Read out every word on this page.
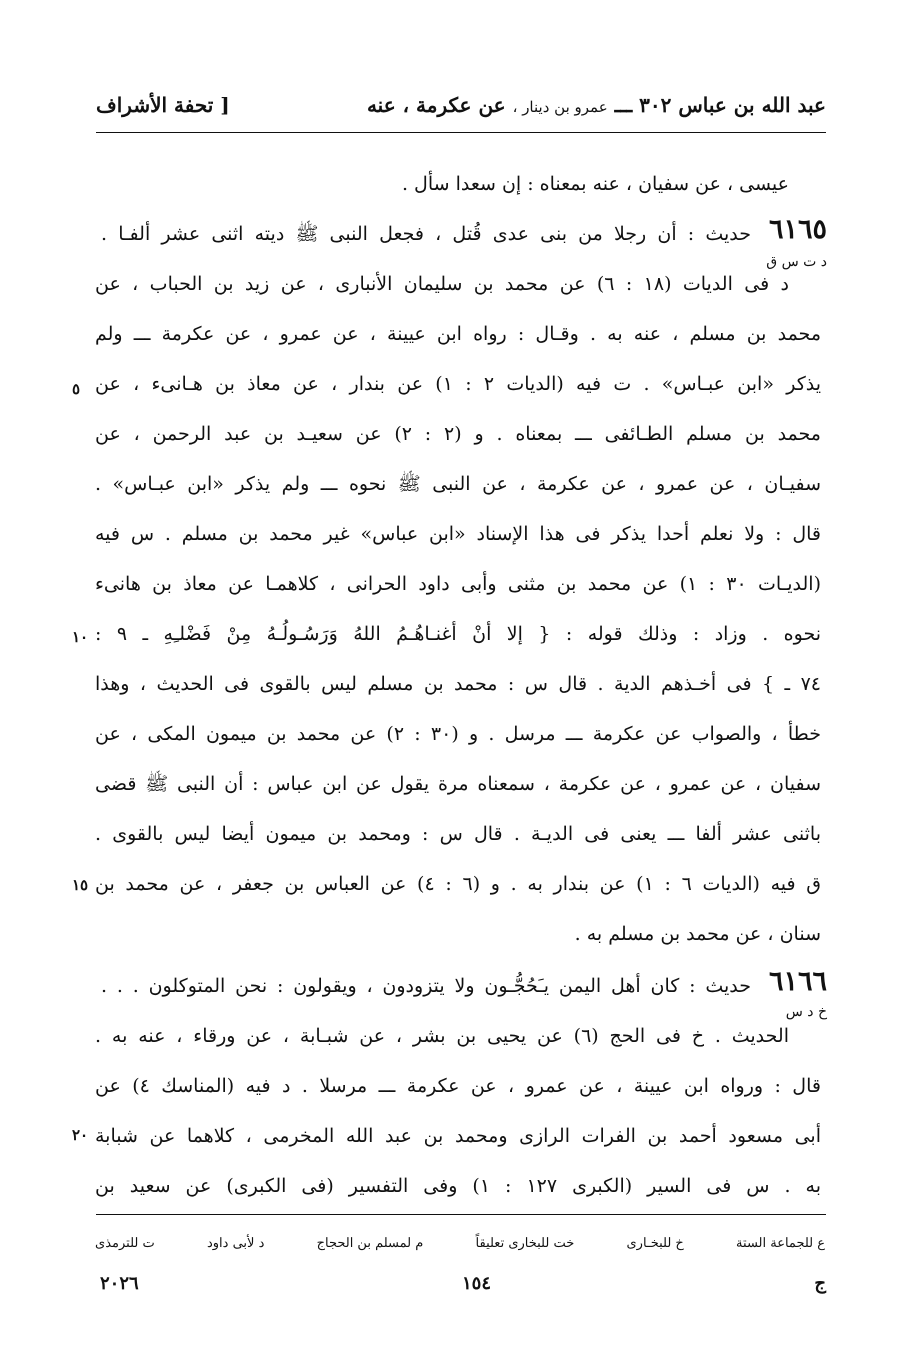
عبد الله بن عباس ٣٠٢ ـــ عمرو بن دينار ، عن عكرمة ، عنه
[ تحفة الأشراف
٦١٦٥
د ت س ق
٦١٦٦
خ د س
٥
١٠
١٥
٢٠
عيسى ، عن سفيان ، عنه بمعناه : إن سعدا سأل .
حديث : أن رجلا من بنى عدى قُتل ، فجعل النبى ﷺ ديته اثنى عشر ألفـا .
د فى الديات (١٨ : ٦) عن محمد بن سليمان الأنبارى ، عن زيد بن الحباب ، عن
محمد بن مسلم ، عنه به . وقـال : رواه ابن عيينة ، عن عمرو ، عن عكرمة ـــ ولم
يذكر «ابن عبـاس» . ت فيه (الديات ٢ : ١) عن بندار ، عن معاذ بن هـانىء ، عن
محمد بن مسلم الطـائفى ـــ بمعناه . و (٢ : ٢) عن سعيـد بن عبد الرحمن ، عن
سفيـان ، عن عمرو ، عن عكرمة ، عن النبى ﷺ نحوه ـــ ولم يذكر «ابن عبـاس» .
قال : ولا نعلم أحدا يذكر فى هذا الإسناد «ابن عباس» غير محمد بن مسلم . س فيه
(الديـات ٣٠ : ١) عن محمد بن مثنى وأبى داود الحرانى ، كلاهمـا عن معاذ بن هانىء
نحوه . وزاد : وذلك قوله : { إلا أنْ أغنـاهُـمُ اللهُ وَرَسُـولُـهُ مِنْ فَضْلـِهِ ـ ٩ :
٧٤ ـ } فى أخـذهم الدية . قال س : محمد بن مسلم ليس بالقوى فى الحديث ، وهذا
خطأ ، والصواب عن عكرمة ـــ مرسل . و (٣٠ : ٢) عن محمد بن ميمون المكى ، عن
سفيان ، عن عمرو ، عن عكرمة ، سمعناه مرة يقول عن ابن عباس : أن النبى ﷺ قضى
باثنى عشر ألفا ـــ يعنى فى الديـة . قال س : ومحمد بن ميمون أيضا ليس بالقوى .
ق فيه (الديات ٦ : ١) عن بندار به . و (٦ : ٤) عن العباس بن جعفر ، عن محمد بن
سنان ، عن محمد بن مسلم به .
حديث : كان أهل اليمن يـَحُجُّـون ولا يتزودون ، ويقولون : نحن المتوكلون . . .
الحديث . خ فى الحج (٦) عن يحيى بن بشر ، عن شبـابة ، عن ورقاء ، عنه به .
قال : ورواه ابن عيينة ، عن عمرو ، عن عكرمة ـــ مرسلا . د فيه (المناسك ٤) عن
أبى مسعود أحمد بن الفرات الرازى ومحمد بن عبد الله المخرمى ، كلاهما عن شبابة
به . س فى السير (الكبرى ١٢٧ : ١) وفى التفسير (فى الكبرى) عن سعيد بن
ع للجماعة الستة
خ للبخـارى
خت للبخارى تعليقاً
م لمسلم بن الحجاج
د لأبى داود
ت للترمذى
٢٠٢٦	١٥٤	ج
